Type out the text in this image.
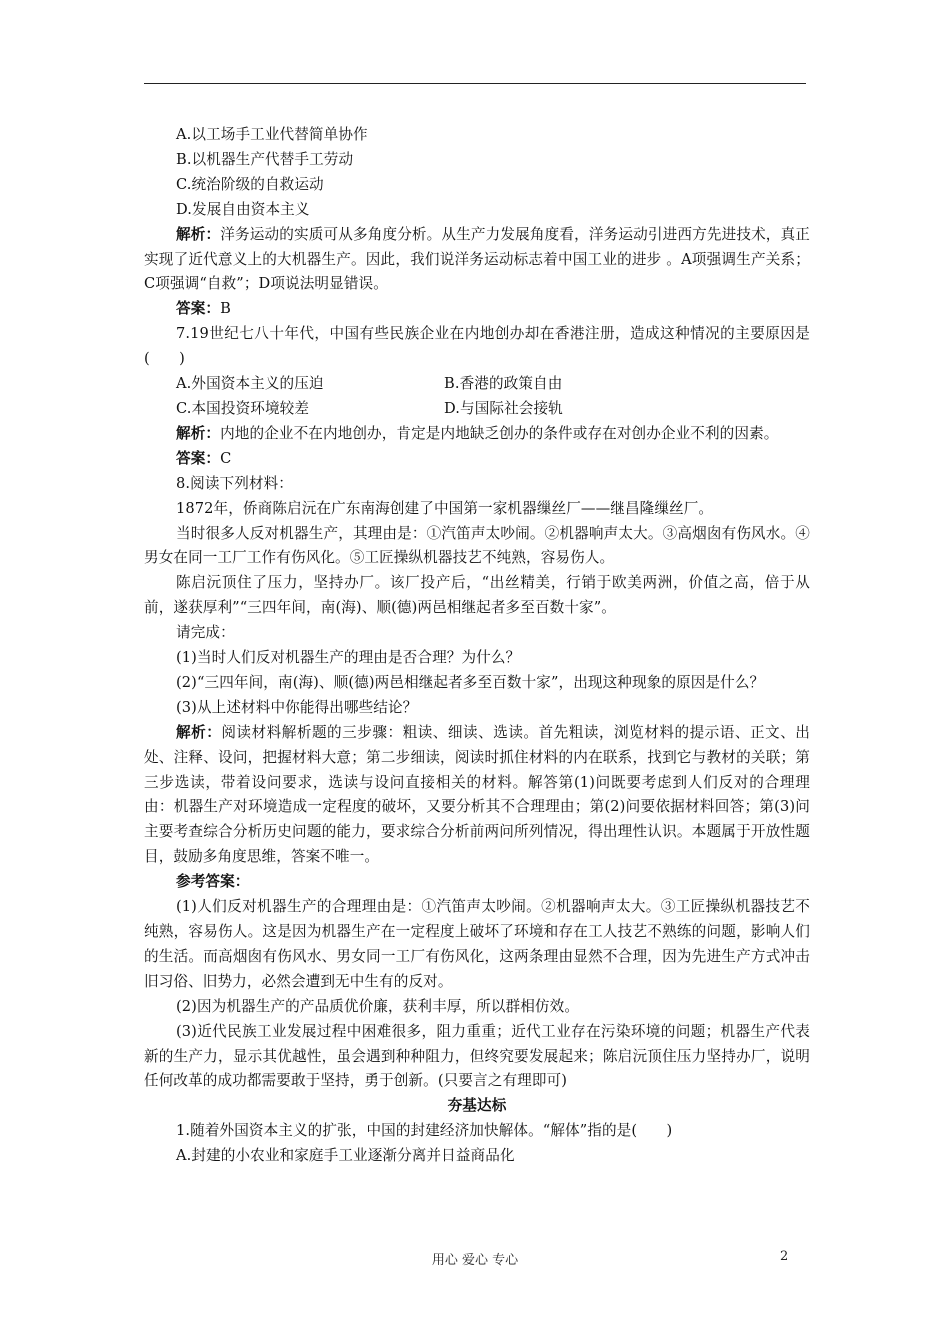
A.以工场手工业代替简单协作

B.以机器生产代替手工劳动

C.统治阶级的自救运动

D.发展自由资本主义

解析：洋务运动的实质可从多角度分析。从生产力发展角度看，洋务运动引进西方先进技术，真正实现了近代意义上的大机器生产。因此，我们说洋务运动标志着中国工业的进步 。A项强调生产关系；C项强调“自救”；D项说法明显错误。

答案：B

7.19世纪七八十年代，中国有些民族企业在内地创办却在香港注册，造成这种情况的主要原因是(　　)

A.外国资本主义的压迫	B.香港的政策自由
C.本国投资环境较差	D.与国际社会接轨

解析：内地的企业不在内地创办，肯定是内地缺乏创办的条件或存在对创办企业不利的因素。

答案：C

8.阅读下列材料：

1872年，侨商陈启沅在广东南海创建了中国第一家机器缫丝厂——继昌隆缫丝厂。

当时很多人反对机器生产，其理由是：①汽笛声太吵闹。②机器响声太大。③高烟囱有伤风水。④男女在同一工厂工作有伤风化。⑤工匠操纵机器技艺不纯熟，容易伤人。

陈启沅顶住了压力，坚持办厂。该厂投产后，“出丝精美，行销于欧美两洲，价值之高，倍于从前，遂获厚利”“三四年间，南(海)、顺(德)两邑相继起者多至百数十家”。

请完成：

(1)当时人们反对机器生产的理由是否合理？为什么？

(2)“三四年间，南(海)、顺(德)两邑相继起者多至百数十家”，出现这种现象的原因是什么？

(3)从上述材料中你能得出哪些结论？

解析：阅读材料解析题的三步骤：粗读、细读、选读。首先粗读，浏览材料的提示语、正文、出处、注释、设问，把握材料大意；第二步细读，阅读时抓住材料的内在联系，找到它与教材的关联；第三步选读，带着设问要求，选读与设问直接相关的材料。解答第(1)问既要考虑到人们反对的合理理由：机器生产对环境造成一定程度的破坏，又要分析其不合理理由；第(2)问要依据材料回答；第(3)问主要考查综合分析历史问题的能力，要求综合分析前两问所列情况，得出理性认识。本题属于开放性题目，鼓励多角度思维，答案不唯一。

参考答案：

(1)人们反对机器生产的合理理由是：①汽笛声太吵闹。②机器响声太大。③工匠操纵机器技艺不纯熟，容易伤人。这是因为机器生产在一定程度上破坏了环境和存在工人技艺不熟练的问题，影响人们的生活。而高烟囱有伤风水、男女同一工厂有伤风化，这两条理由显然不合理，因为先进生产方式冲击旧习俗、旧势力，必然会遭到无中生有的反对。

(2)因为机器生产的产品质优价廉，获利丰厚，所以群相仿效。

(3)近代民族工业发展过程中困难很多，阻力重重；近代工业存在污染环境的问题；机器生产代表新的生产力，显示其优越性，虽会遇到种种阻力，但终究要发展起来；陈启沅顶住压力坚持办厂，说明任何改革的成功都需要敢于坚持，勇于创新。(只要言之有理即可)

夯基达标

1.随着外国资本主义的扩张，中国的封建经济加快解体。“解体”指的是(　　)

A.封建的小农业和家庭手工业逐渐分离并日益商品化

用心 爱心 专心	2
